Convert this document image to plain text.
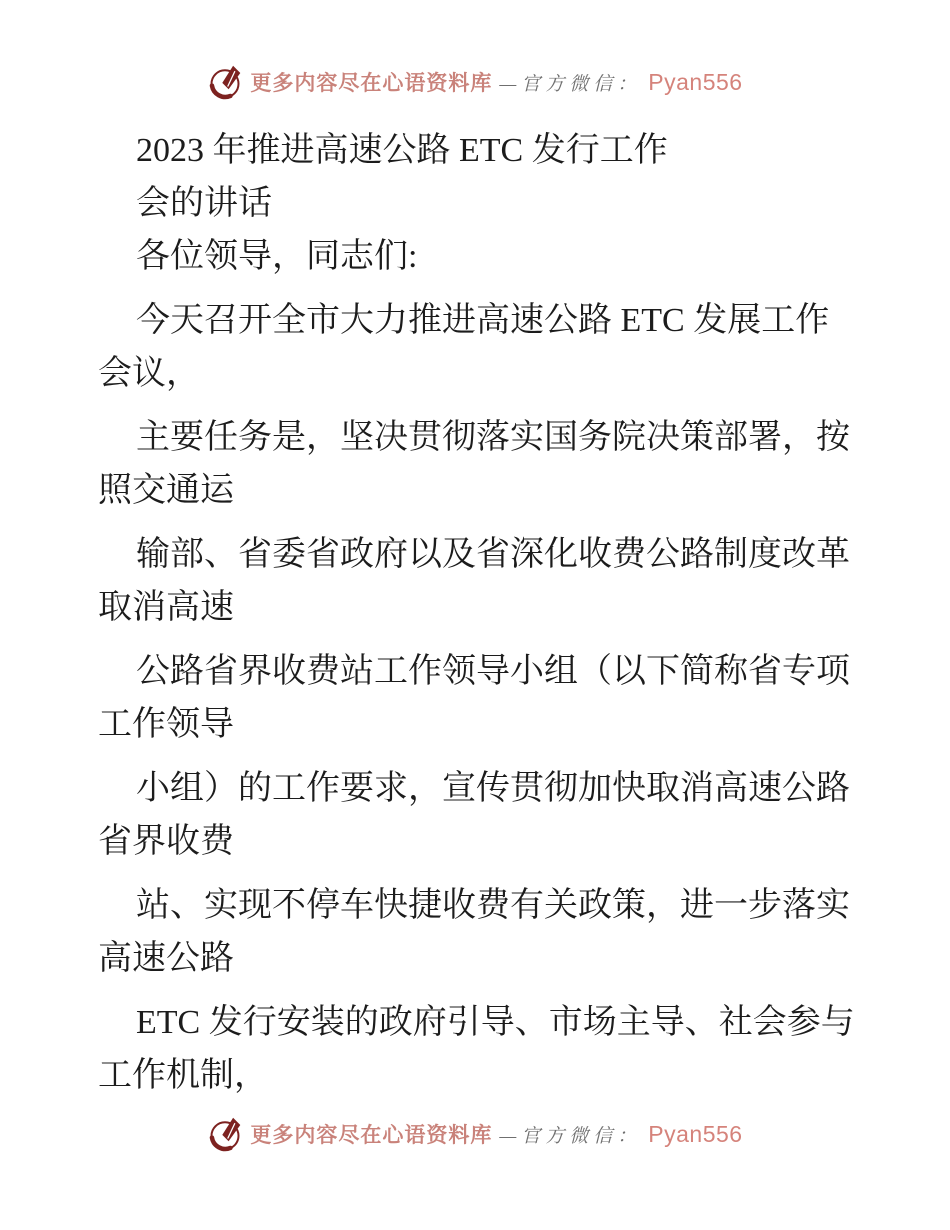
更多内容尽在心语资料库 —官方微信： Pyan556
2023 年推进高速公路 ETC 发行工作
会的讲话
各位领导，同志们:
今天召开全市大力推进高速公路 ETC 发展工作
会议，
主要任务是，坚决贯彻落实国务院决策部署，按
照交通运
输部、省委省政府以及省深化收费公路制度改革
取消高速
公路省界收费站工作领导小组（以下简称省专项
工作领导
小组）的工作要求，宣传贯彻加快取消高速公路
省界收费
站、实现不停车快捷收费有关政策，进一步落实
高速公路
ETC 发行安装的政府引导、市场主导、社会参与
工作机制，
更多内容尽在心语资料库 —官方微信： Pyan556
